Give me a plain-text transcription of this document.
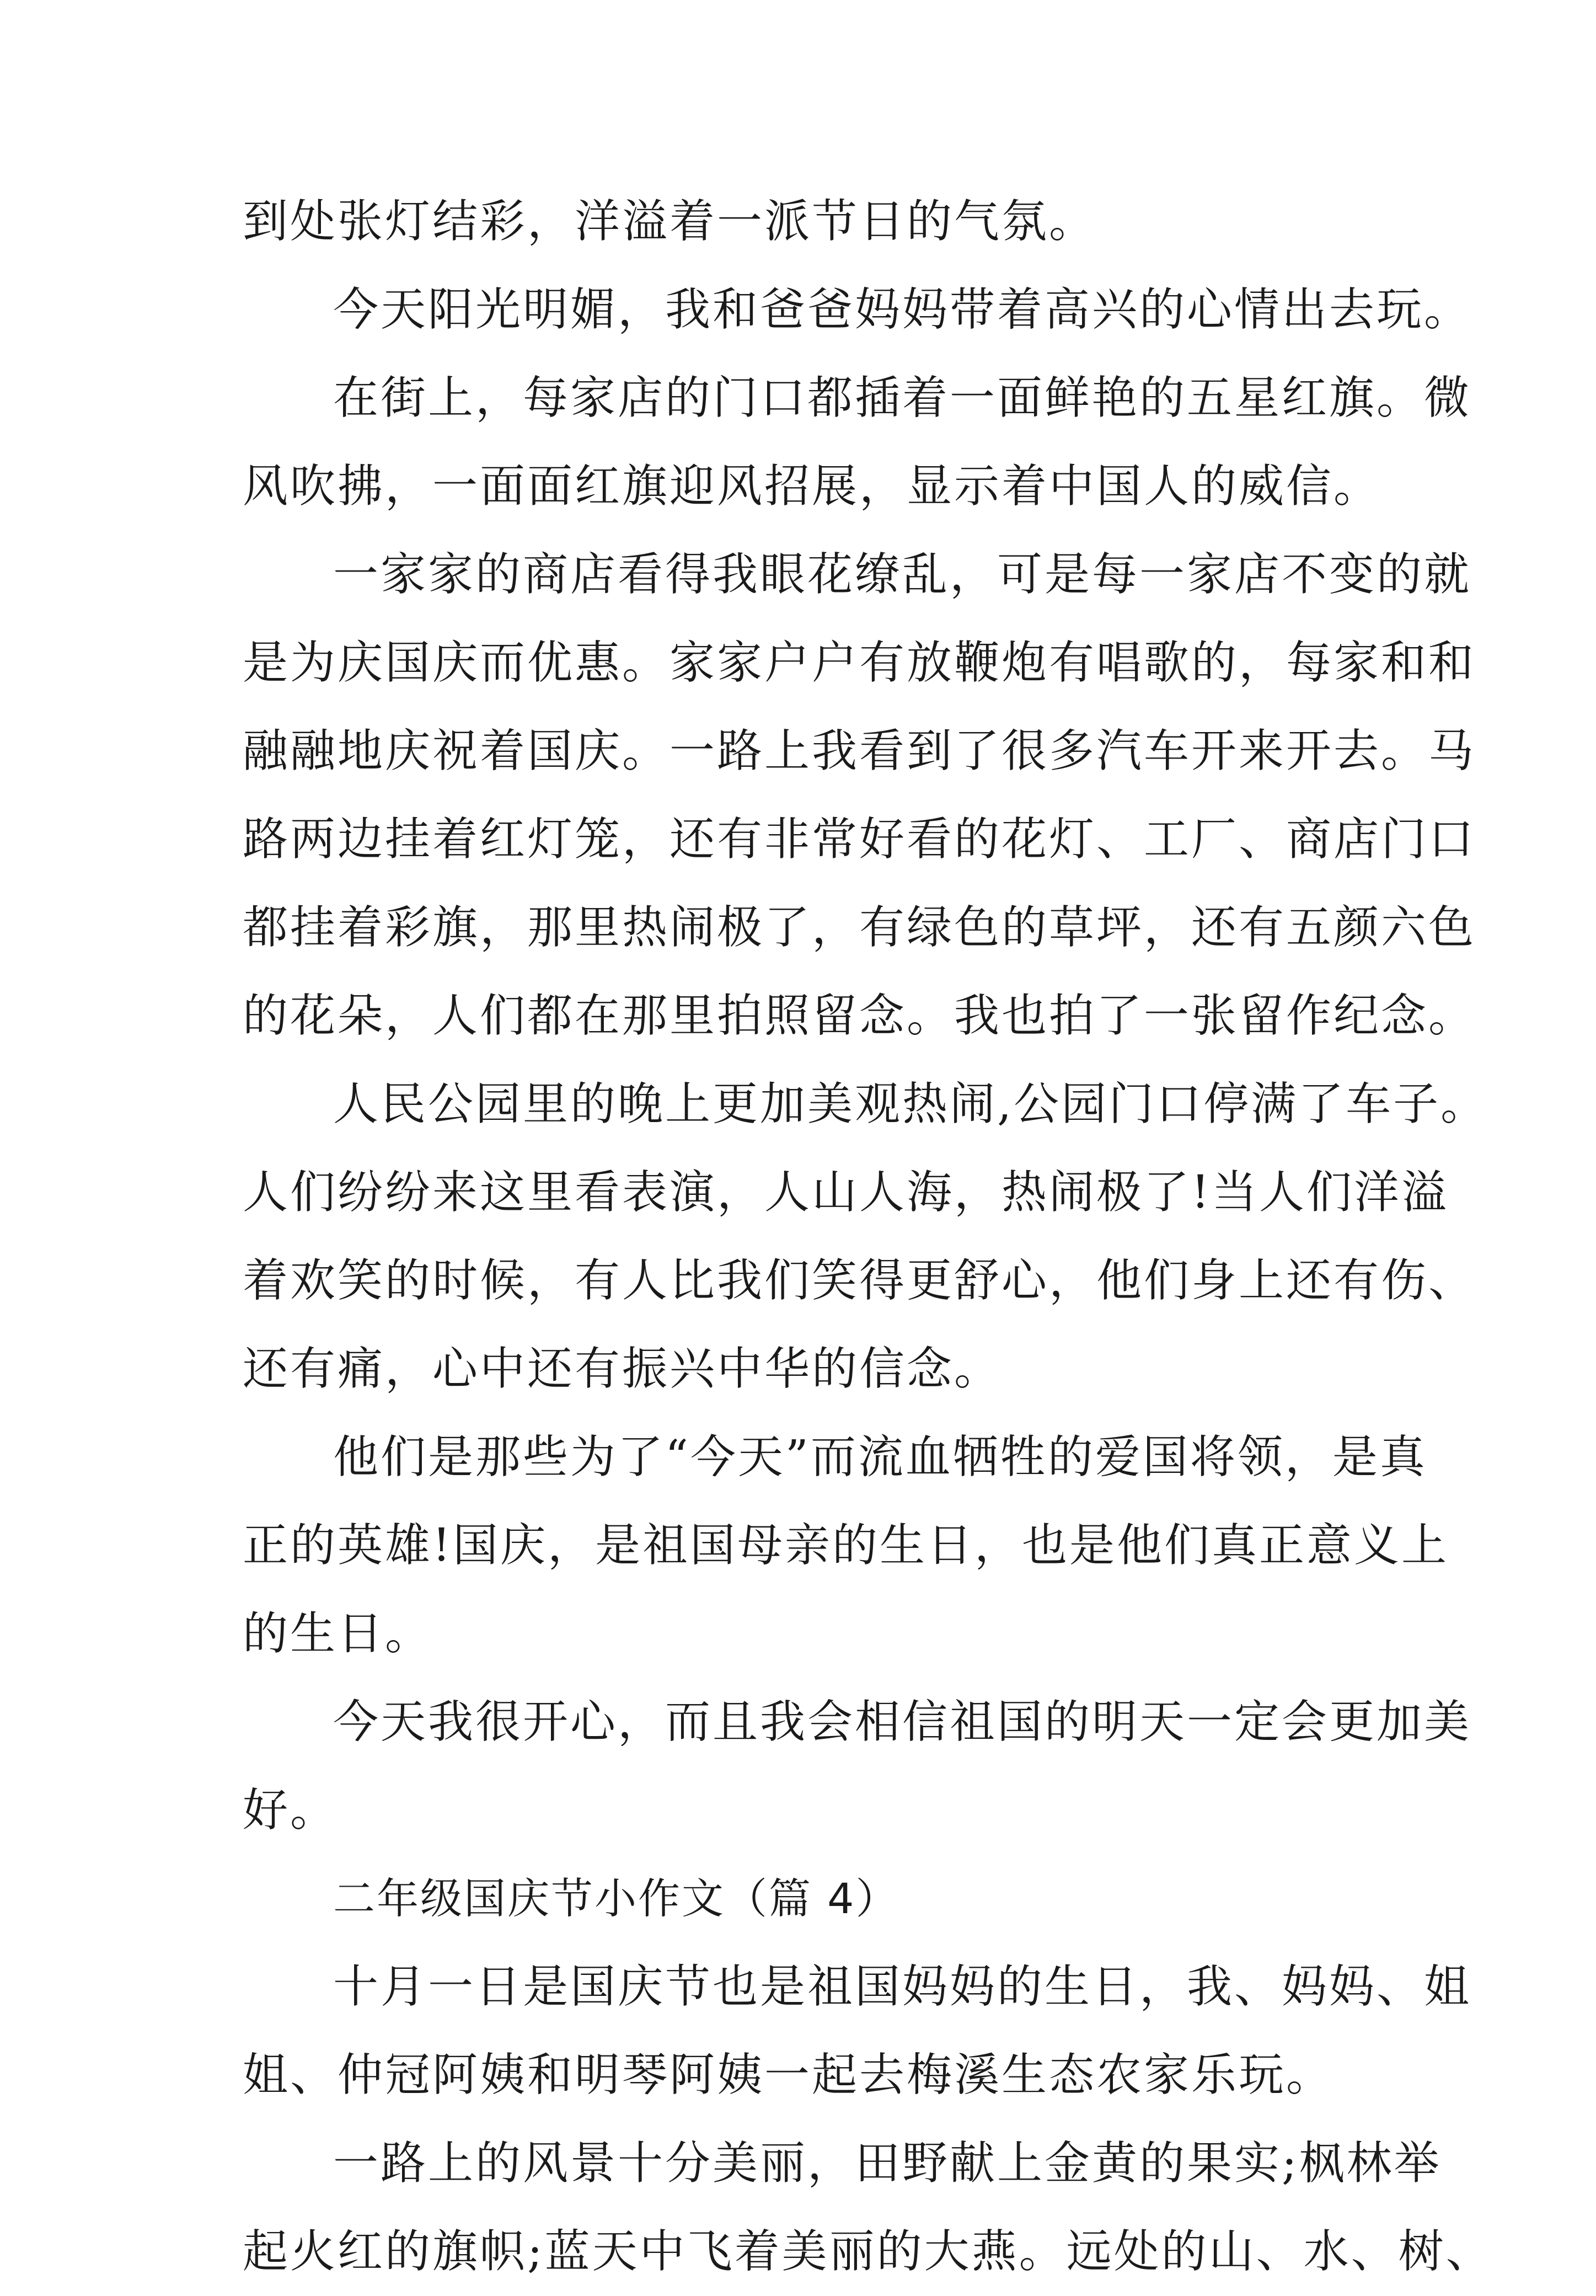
到处张灯结彩，洋溢着一派节日的气氛。
今天阳光明媚，我和爸爸妈妈带着高兴的心情出去玩。
在街上，每家店的门口都插着一面鲜艳的五星红旗。微
风吹拂，一面面红旗迎风招展，显示着中国人的威信。
一家家的商店看得我眼花缭乱，可是每一家店不变的就
是为庆国庆而优惠。家家户户有放鞭炮有唱歌的，每家和和
融融地庆祝着国庆。一路上我看到了很多汽车开来开去。马
路两边挂着红灯笼，还有非常好看的花灯、工厂、商店门口
都挂着彩旗，那里热闹极了，有绿色的草坪，还有五颜六色
的花朵，人们都在那里拍照留念。我也拍了一张留作纪念。
人民公园里的晚上更加美观热闹,公园门口停满了车子。
人们纷纷来这里看表演，人山人海，热闹极了!当人们洋溢
着欢笑的时候，有人比我们笑得更舒心，他们身上还有伤、
还有痛，心中还有振兴中华的信念。
他们是那些为了“今天”而流血牺牲的爱国将领，是真
正的英雄!国庆，是祖国母亲的生日，也是他们真正意义上
的生日。
今天我很开心，而且我会相信祖国的明天一定会更加美
好。
二年级国庆节小作文（篇 4）
十月一日是国庆节也是祖国妈妈的生日，我、妈妈、姐
姐、仲冠阿姨和明琴阿姨一起去梅溪生态农家乐玩。
一路上的风景十分美丽，田野献上金黄的果实;枫林举
起火红的旗帜;蓝天中飞着美丽的大燕。远处的山、水、树、
